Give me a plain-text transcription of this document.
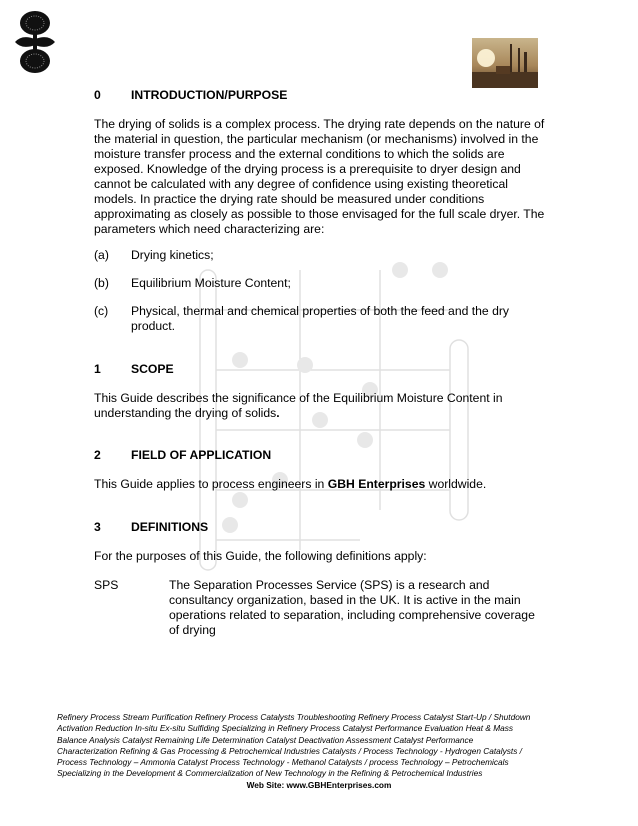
0 INTRODUCTION/PURPOSE

The drying of solids is a complex process. The drying rate depends on the nature of the material in question, the particular mechanism (or mechanisms) involved in the moisture transfer process and the external conditions to which the solids are exposed. Knowledge of the drying process is a prerequisite to dryer design and cannot be calculated with any degree of confidence using existing theoretical models. In practice the drying rate should be measured under conditions approximating as closely as possible to those envisaged for the full scale dryer. The parameters which need characterizing are:

(a) Drying kinetics;
(b) Equilibrium Moisture Content;
(c) Physical, thermal and chemical properties of both the feed and the dry product.
1 SCOPE

This Guide describes the significance of the Equilibrium Moisture Content in understanding the drying of solids.

2 FIELD OF APPLICATION

This Guide applies to process engineers in GBH Enterprises worldwide.

3 DEFINITIONS

For the purposes of this Guide, the following definitions apply:

SPS	The Separation Processes Service (SPS) is a research and consultancy organization, based in the UK. It is active in the main operations related to separation, including comprehensive coverage of drying
Refinery Process Stream Purification Refinery Process Catalysts Troubleshooting Refinery Process Catalyst Start-Up / Shutdown
Activation Reduction In-situ Ex-situ Sulfiding Specializing in Refinery Process Catalyst Performance Evaluation Heat & Mass
Balance Analysis Catalyst Remaining Life Determination Catalyst Deactivation Assessment Catalyst Performance
Characterization Refining & Gas Processing & Petrochemical Industries Catalysts / Process Technology - Hydrogen Catalysts /
Process Technology – Ammonia Catalyst Process Technology - Methanol Catalysts / process Technology – Petrochemicals
Specializing in the Development & Commercialization of New Technology in the Refining & Petrochemical Industries
Web Site: www.GBHEnterprises.com
